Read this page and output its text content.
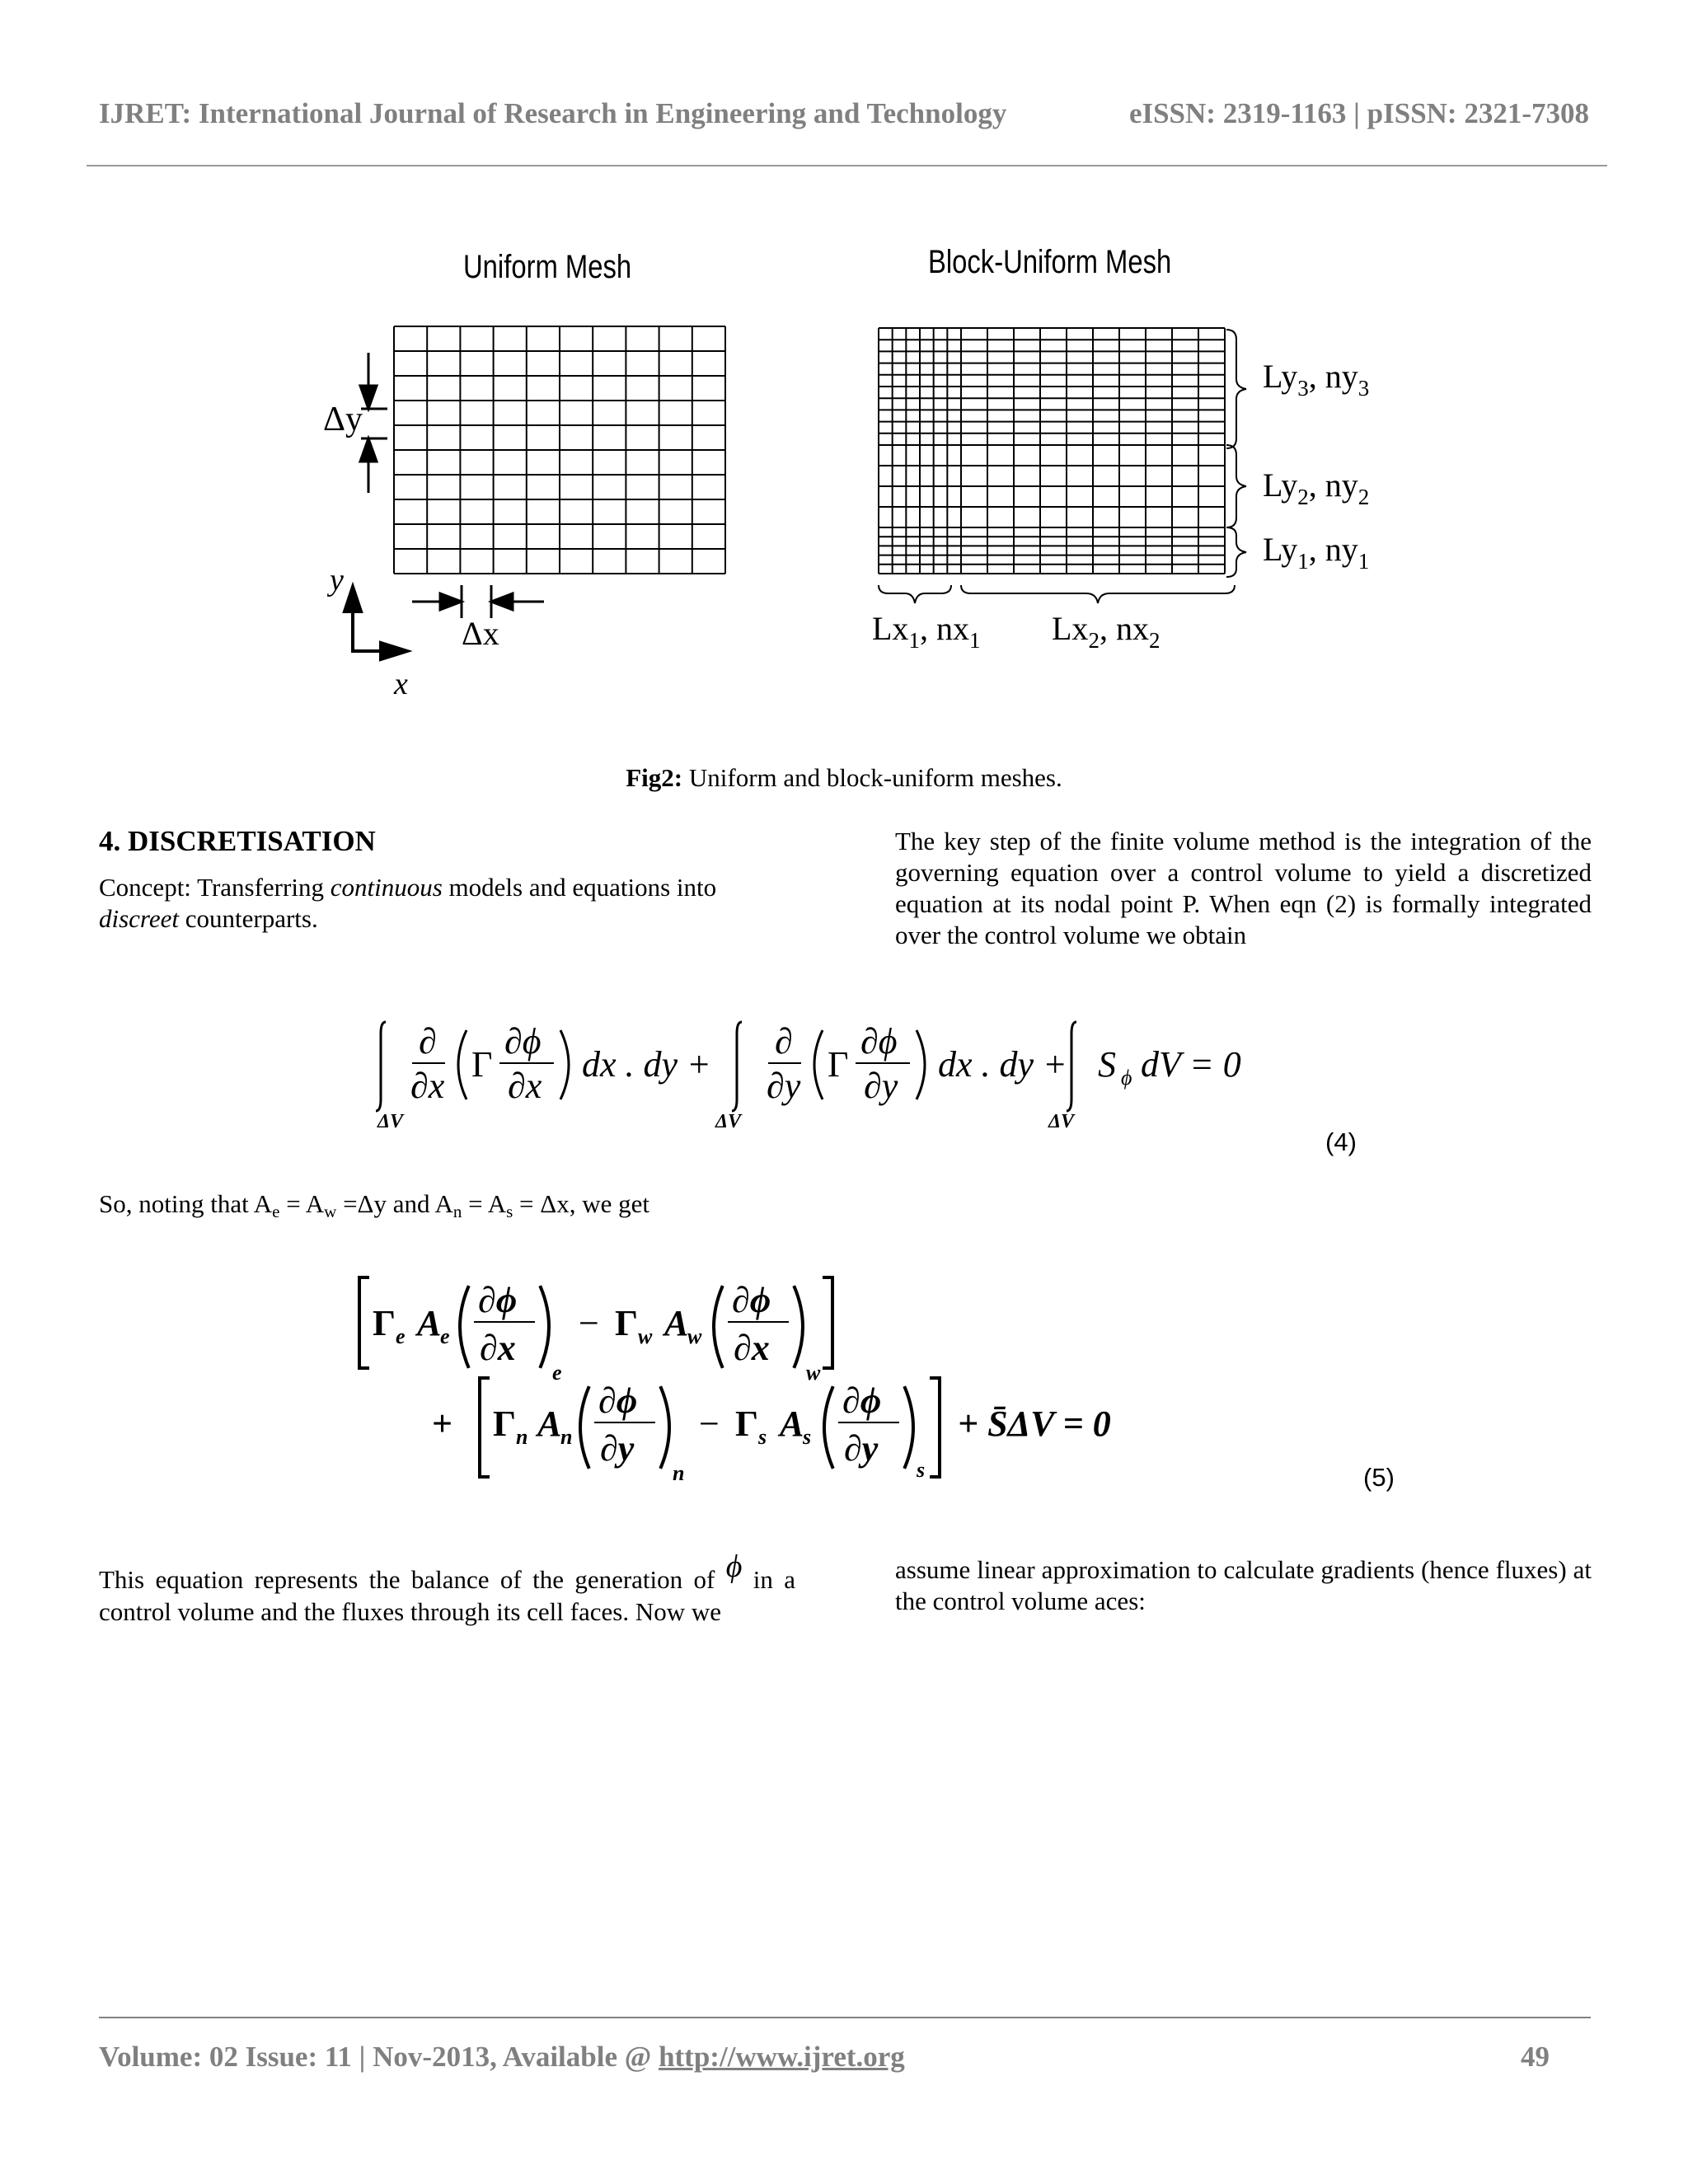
IJRET: International Journal of Research in Engineering and Technology	eISSN: 2319-1163 | pISSN: 2321-7308
Uniform Mesh	Block-Uniform Mesh
Δy
Δx
y
x
$Ly_3$, $ny_3$
$Ly_2$, $ny_2$
$Ly_1$, $ny_1$
$Lx_1$, $nx_1$ $Lx_2$, $nx_2$
Fig2: Uniform and block-uniform meshes.
4. DISCRETISATION

Concept: Transferring continuous models and equations into discreet counterparts.

The key step of the finite volume method is the integration of the governing equation over a control volume to yield a discretized equation at its nodal point P. When eqn (2) is formally integrated over the control volume we obtain
ΔV
∂
∂x
Γ
∂ϕ
∂x
dx . dy +
ΔV
∂
∂y
Γ
∂ϕ
∂y
dx . dy +
ΔV
S ϕ dV = 0
(4)
So, noting that Ae = Aw =Δy and An = As = Δx, we get
Γ e A
e
∂ϕ
∂x
e
− Γ w A
w
∂ϕ
∂x
w
+ Γ n A
n
∂ϕ
∂y
n
− Γ s A
s
∂ϕ
∂y
s
+ S̄ΔV = 0
(5)
This equation represents the balance of the generation of ϕ in a control volume and the fluxes through its cell faces. Now we
assume linear approximation to calculate gradients (hence fluxes) at the control volume aces:
Volume: 02 Issue: 11 | Nov-2013, Available @ http://www.ijret.org	49
